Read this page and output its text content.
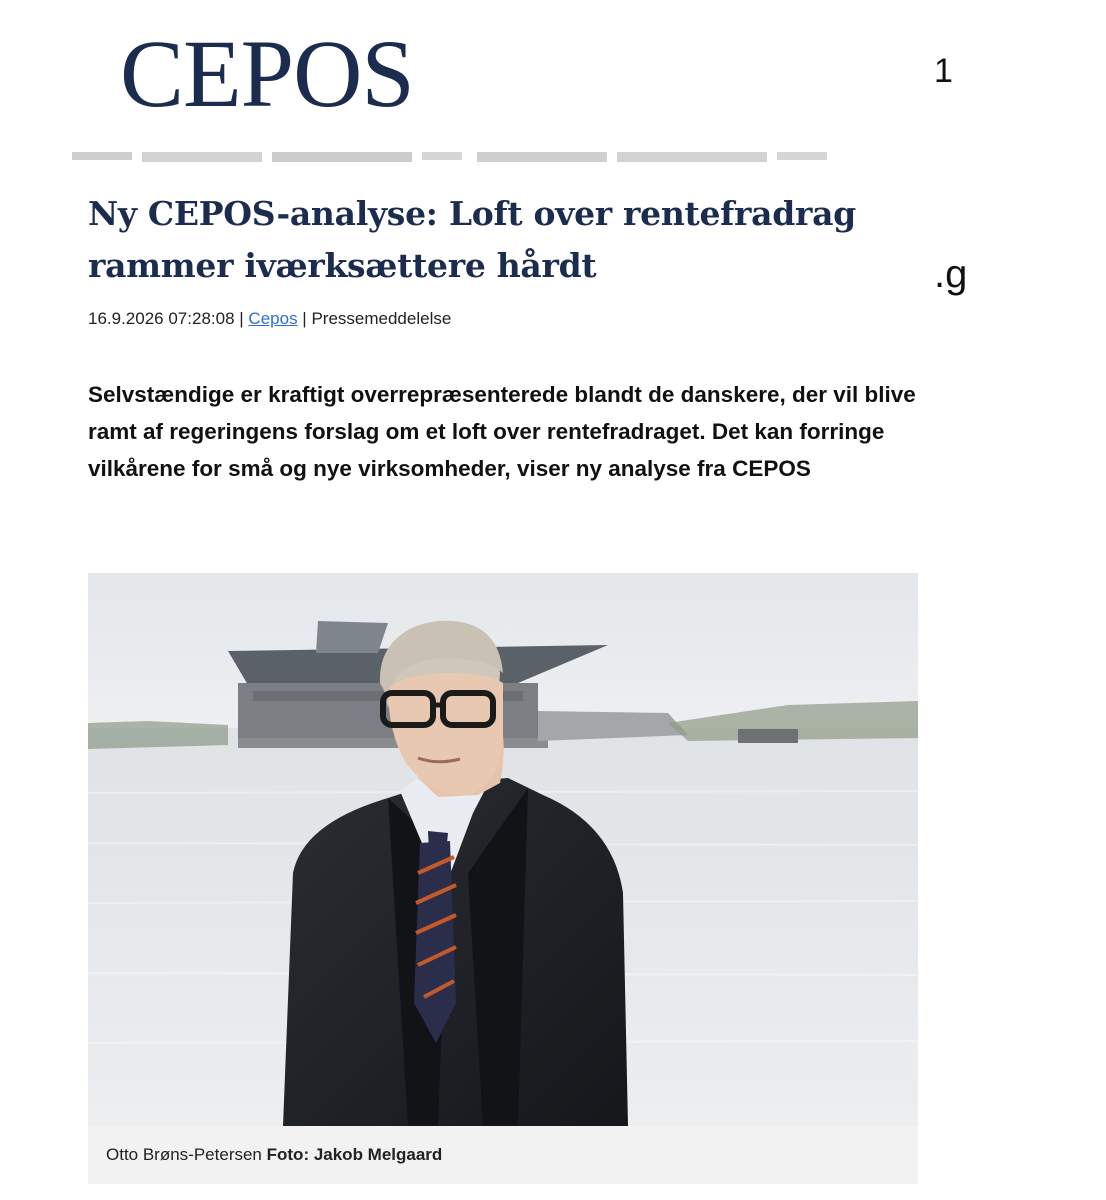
CEPOS	1
.g
Ny CEPOS-analyse: Loft over rentefradrag rammer iværksættere hårdt
16.9.2026 07:28:08 | Cepos | Pressemeddelelse

Selvstændige er kraftigt overrepræsenterede blandt de danskere, der vil blive ramt af regeringens forslag om et loft over rentefradraget. Det kan forringe vilkårene for små og nye virksomheder, viser ny analyse fra CEPOS

Otto Brøns-Petersen Foto: Jakob Melgaard
